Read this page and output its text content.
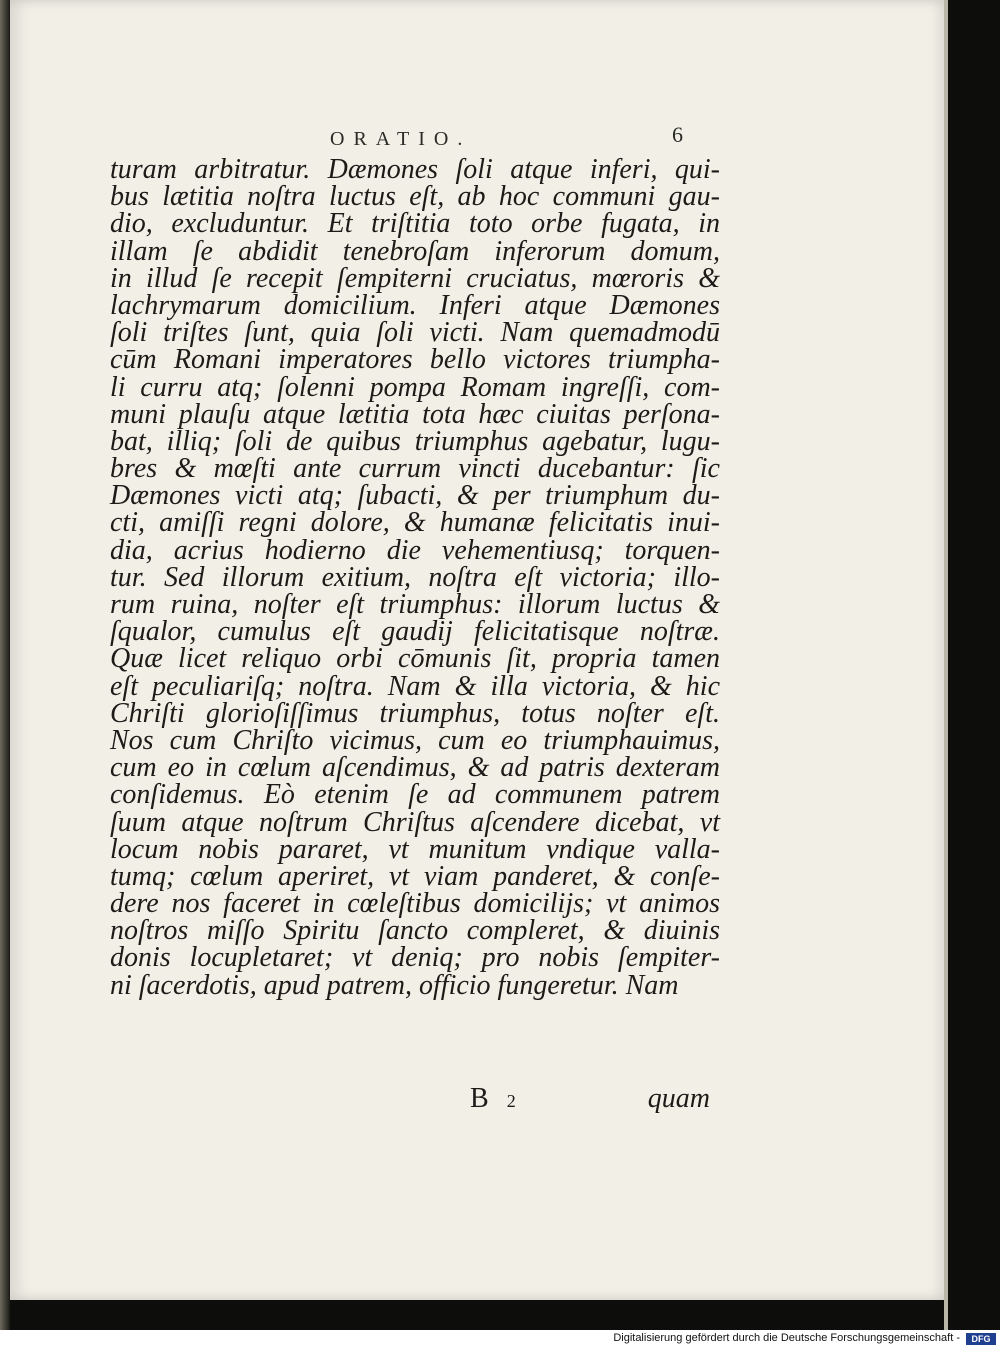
ORATIO.	6
turam arbitratur. Dæmones ſoli atque inferi, qui-
bus lætitia noſtra luctus eſt, ab hoc communi gau-
dio, excluduntur. Et triſtitia toto orbe fugata, in
illam ſe abdidit tenebroſam inferorum domum,
in illud ſe recepit ſempiterni cruciatus, mœroris &
lachrymarum domicilium. Inferi atque Dæmones
ſoli triſtes ſunt, quia ſoli victi. Nam quemadmodū
cūm Romani imperatores bello victores triumpha-
li curru atq; ſolenni pompa Romam ingreſſi, com-
muni plauſu atque lætitia tota hæc ciuitas perſona-
bat, illiq; ſoli de quibus triumphus agebatur, lugu-
bres & mœſti ante currum vincti ducebantur: ſic
Dæmones victi atq; ſubacti, & per triumphum du-
cti, amiſſi regni dolore, & humanæ felicitatis inui-
dia, acrius hodierno die vehementiusq; torquen-
tur. Sed illorum exitium, noſtra eſt victoria; illo-
rum ruina, noſter eſt triumphus: illorum luctus &
ſqualor, cumulus eſt gaudij felicitatisque noſtræ.
Quæ licet reliquo orbi cōmunis ſit, propria tamen
eſt peculiariſq; noſtra. Nam & illa victoria, & hic
Chriſti glorioſiſſimus triumphus, totus noſter eſt.
Nos cum Chriſto vicimus, cum eo triumphauimus,
cum eo in cœlum aſcendimus, & ad patris dexteram
conſidemus. Eò etenim ſe ad communem patrem
ſuum atque noſtrum Chriſtus aſcendere dicebat, vt
locum nobis pararet, vt munitum vndique valla-
tumq; cœlum aperiret, vt viam panderet, & conſe-
dere nos faceret in cœleſtibus domicilijs; vt animos
noſtros miſſo Spiritu ſancto compleret, & diuinis
donis locupletaret; vt deniq; pro nobis ſempiter-
ni ſacerdotis, apud patrem, officio fungeretur. Nam
B 2	quam
Digitalisierung gefördert durch die Deutsche Forschungsgemeinschaft -	DFG
